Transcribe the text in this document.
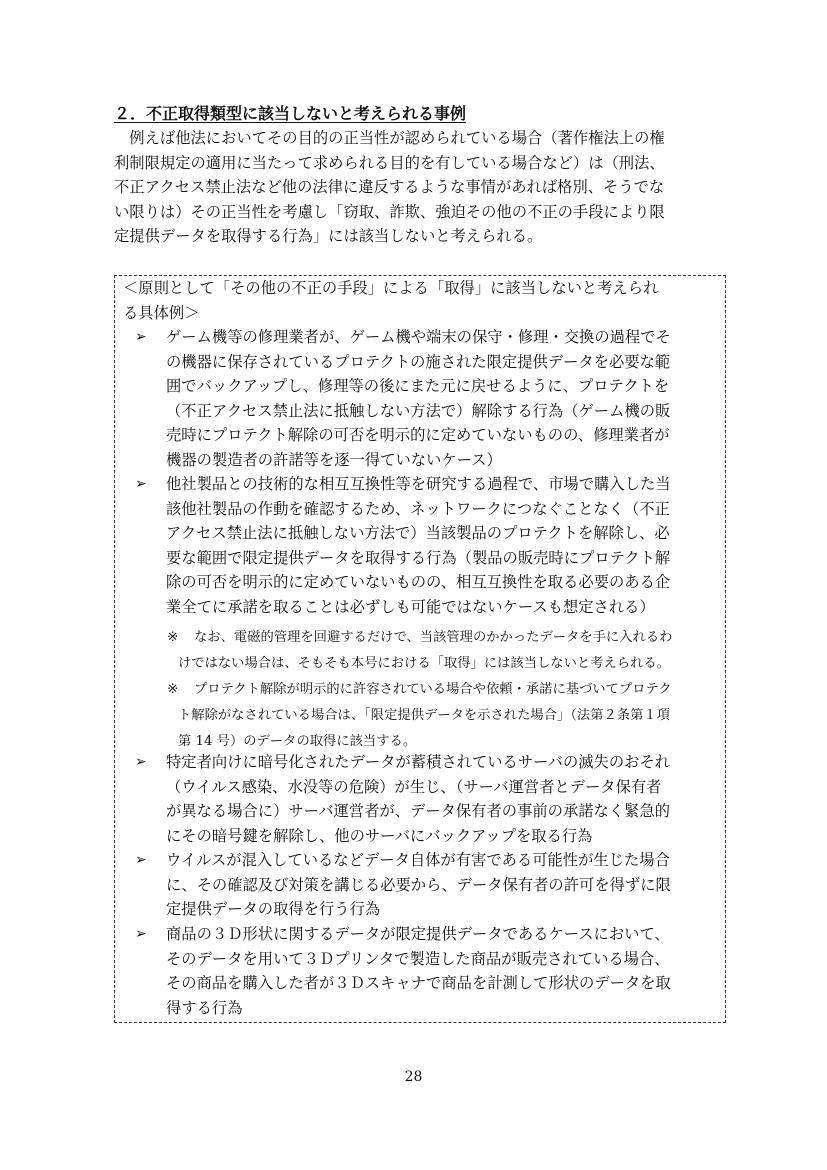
２．不正取得類型に該当しないと考えられる事例
　例えば他法においてその目的の正当性が認められている場合（著作権法上の権
利制限規定の適用に当たって求められる目的を有している場合など）は（刑法、
不正アクセス禁止法など他の法律に違反するような事情があれば格別、そうでな
い限りは）その正当性を考慮し「窃取、詐欺、強迫その他の不正の手段により限
定提供データを取得する行為」には該当しないと考えられる。
＜原則として「その他の不正の手段」による「取得」に該当しないと考えられ
る具体例＞
➢ ゲーム機等の修理業者が、ゲーム機や端末の保守・修理・交換の過程でそ
の機器に保存されているプロテクトの施された限定提供データを必要な範
囲でバックアップし、修理等の後にまた元に戻せるように、プロテクトを
（不正アクセス禁止法に抵触しない方法で）解除する行為（ゲーム機の販
売時にプロテクト解除の可否を明示的に定めていないものの、修理業者が
機器の製造者の許諾等を逐一得ていないケース）
➢ 他社製品との技術的な相互互換性等を研究する過程で、市場で購入した当
該他社製品の作動を確認するため、ネットワークにつなぐことなく（不正
アクセス禁止法に抵触しない方法で）当該製品のプロテクトを解除し、必
要な範囲で限定提供データを取得する行為（製品の販売時にプロテクト解
除の可否を明示的に定めていないものの、相互互換性を取る必要のある企
業全てに承諾を取ることは必ずしも可能ではないケースも想定される）
※ なお、電磁的管理を回避するだけで、当該管理のかかったデータを手に入れるわ
けではない場合は、そもそも本号における「取得」には該当しないと考えられる。
※ プロテクト解除が明示的に許容されている場合や依頼・承諾に基づいてプロテク
ト解除がなされている場合は、「限定提供データを示された場合」（法第２条第１項
第 14 号）のデータの取得に該当する。
➢ 特定者向けに暗号化されたデータが蓄積されているサーバの滅失のおそれ
（ウイルス感染、水没等の危険）が生じ、（サーバ運営者とデータ保有者
が異なる場合に）サーバ運営者が、データ保有者の事前の承諾なく緊急的
にその暗号鍵を解除し、他のサーバにバックアップを取る行為
➢ ウイルスが混入しているなどデータ自体が有害である可能性が生じた場合
に、その確認及び対策を講じる必要から、データ保有者の許可を得ずに限
定提供データの取得を行う行為
➢ 商品の３Ｄ形状に関するデータが限定提供データであるケースにおいて、
そのデータを用いて３Ｄプリンタで製造した商品が販売されている場合、
その商品を購入した者が３Ｄスキャナで商品を計測して形状のデータを取
得する行為
28
